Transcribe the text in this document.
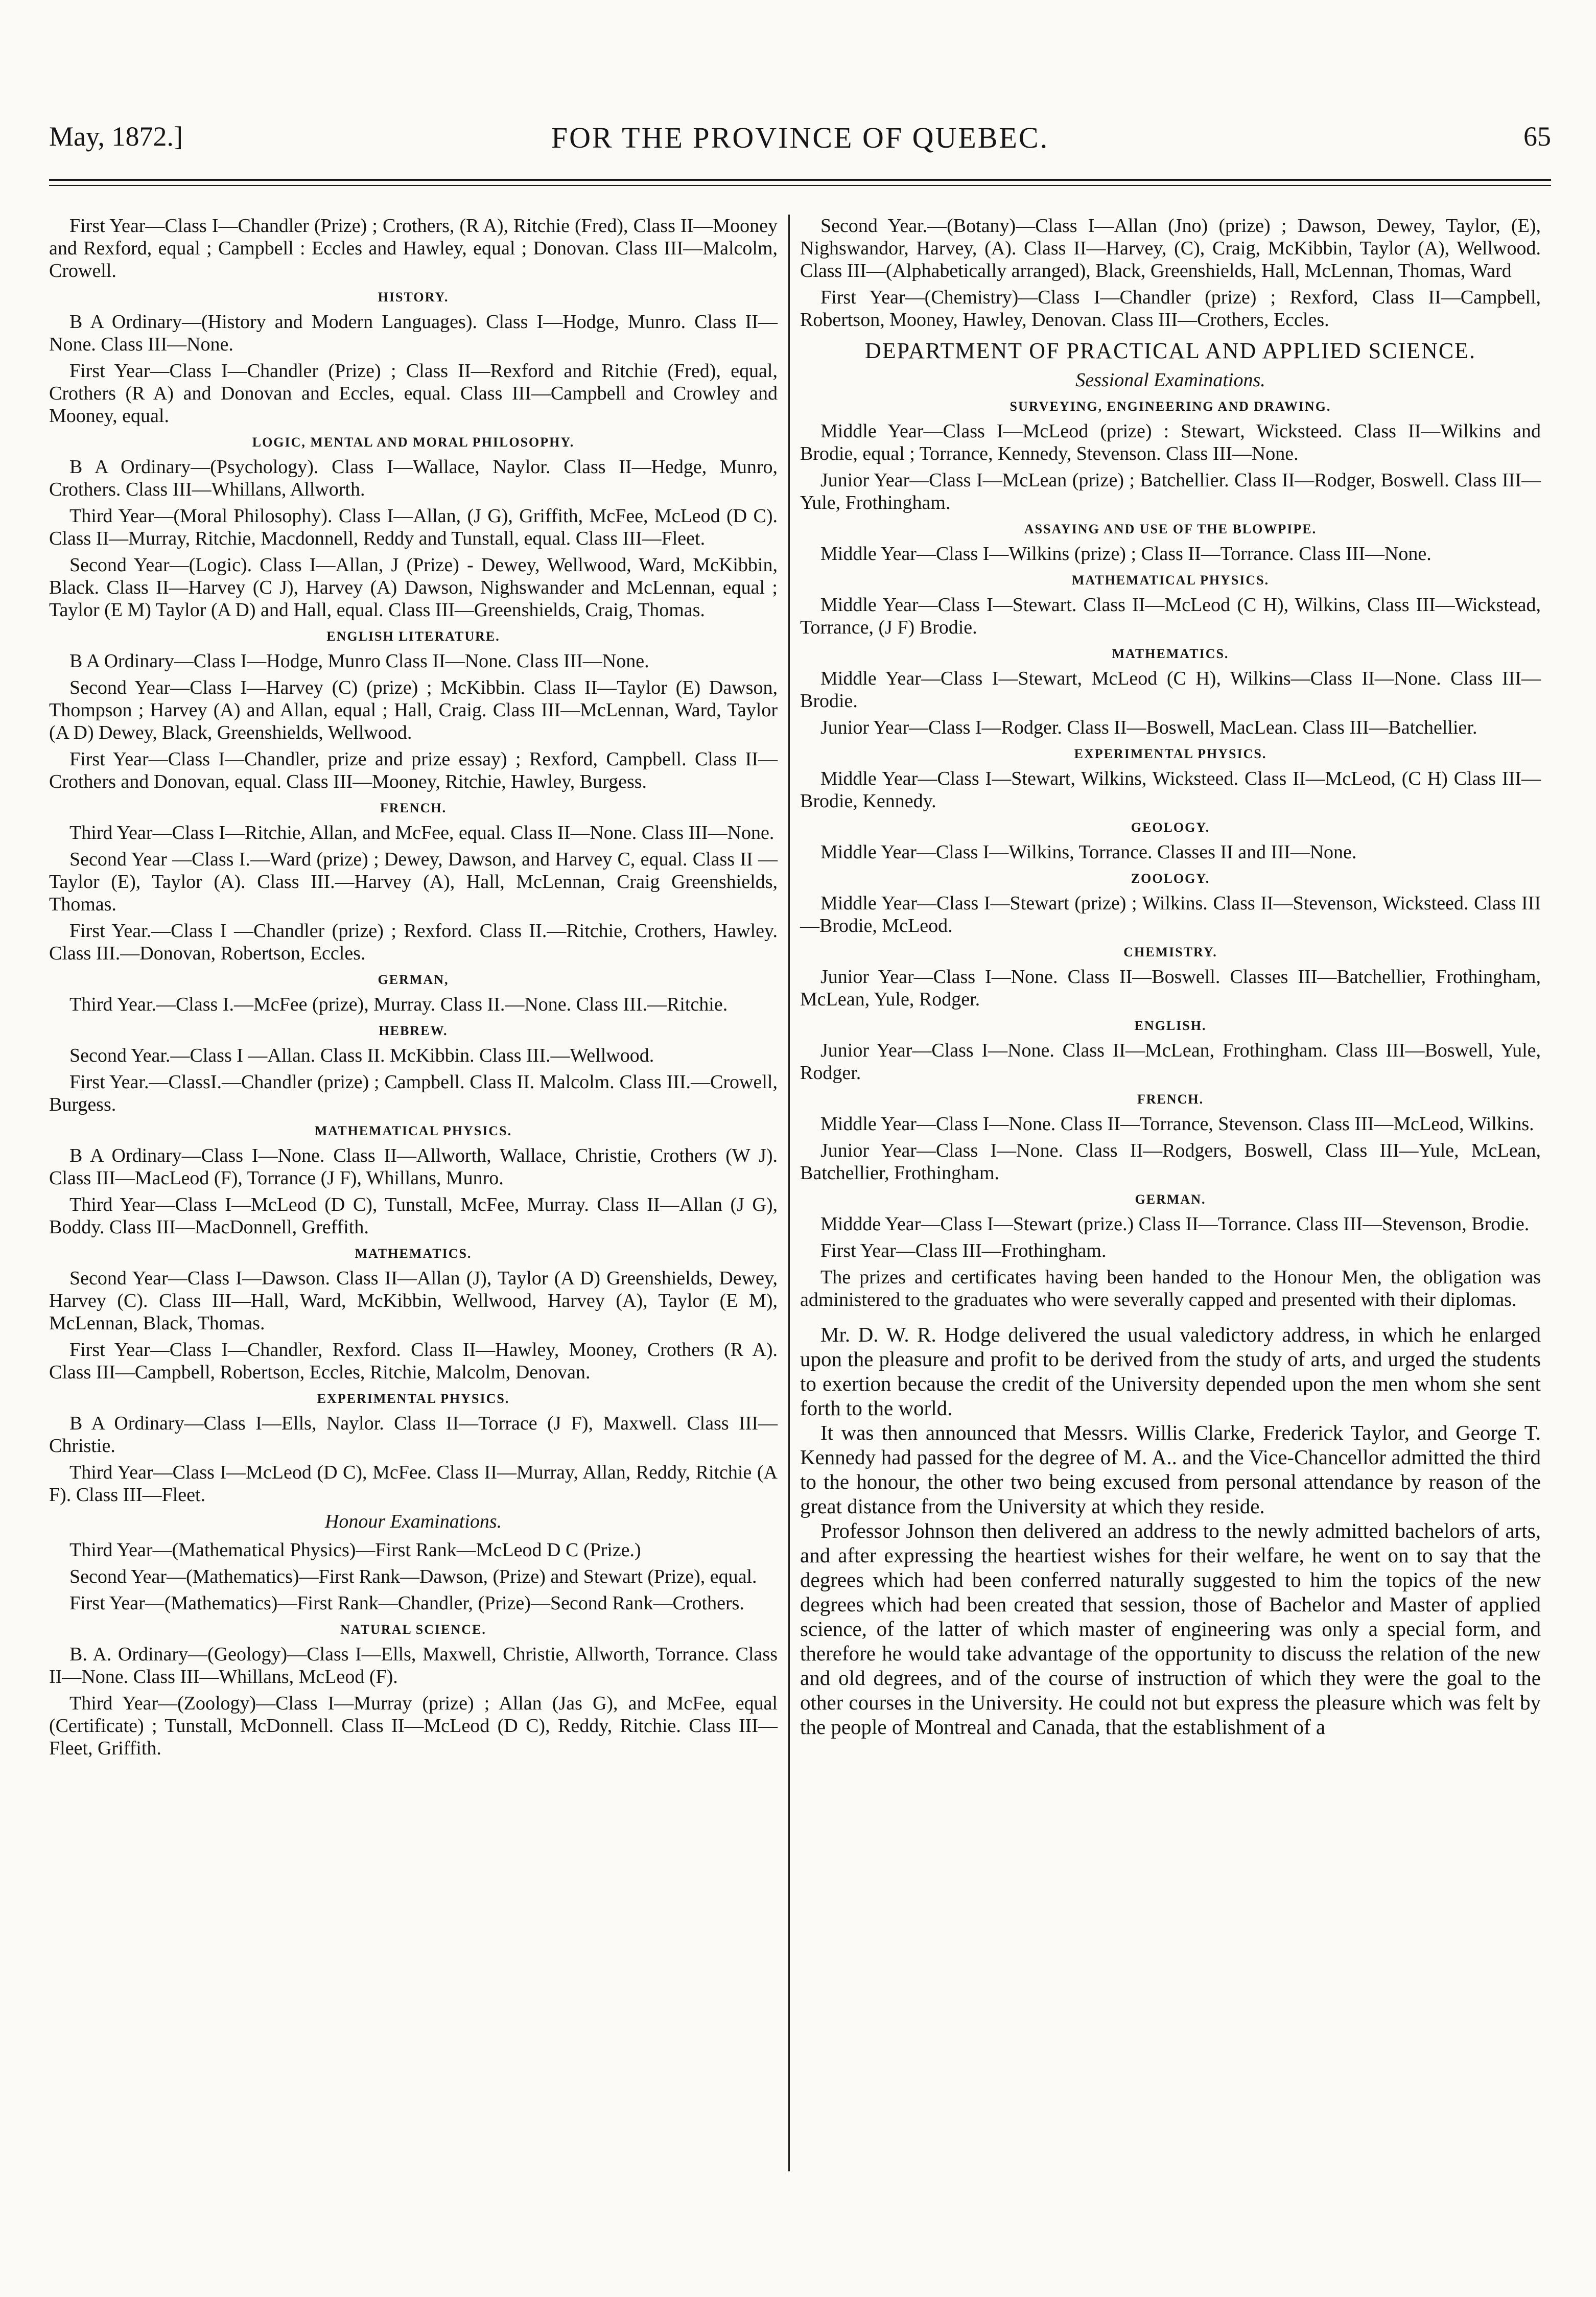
May, 1872.]	FOR THE PROVINCE OF QUEBEC.	65

First Year—Class I—Chandler (Prize) ; Crothers, (R A), Ritchie (Fred), Class II—Mooney and Rexford, equal ; Campbell : Eccles and Hawley, equal ; Donovan. Class III—Malcolm, Crowell.

HISTORY.

B A Ordinary—(History and Modern Languages). Class I—Hodge, Munro. Class II—None. Class III—None.

First Year—Class I—Chandler (Prize) ; Class II—Rexford and Ritchie (Fred), equal, Crothers (R A) and Donovan and Eccles, equal. Class III—Campbell and Crowley and Mooney, equal.

LOGIC, MENTAL AND MORAL PHILOSOPHY.

B A Ordinary—(Psychology). Class I—Wallace, Naylor. Class II—Hedge, Munro, Crothers. Class III—Whillans, Allworth.

Third Year—(Moral Philosophy). Class I—Allan, (J G), Griffith, McFee, McLeod (D C). Class II—Murray, Ritchie, Macdonnell, Reddy and Tunstall, equal. Class III—Fleet.

Second Year—(Logic). Class I—Allan, J (Prize) - Dewey, Wellwood, Ward, McKibbin, Black. Class II—Harvey (C J), Harvey (A) Dawson, Nighswander and McLennan, equal ; Taylor (E M) Taylor (A D) and Hall, equal. Class III—Greenshields, Craig, Thomas.

ENGLISH LITERATURE.

B A Ordinary—Class I—Hodge, Munro Class II—None. Class III—None.

Second Year—Class I—Harvey (C) (prize) ; McKibbin. Class II—Taylor (E) Dawson, Thompson ; Harvey (A) and Allan, equal ; Hall, Craig. Class III—McLennan, Ward, Taylor (A D) Dewey, Black, Greenshields, Wellwood.

First Year—Class I—Chandler, prize and prize essay) ; Rexford, Campbell. Class II—Crothers and Donovan, equal. Class III—Mooney, Ritchie, Hawley, Burgess.

FRENCH.

Third Year—Class I—Ritchie, Allan, and McFee, equal. Class II—None. Class III—None.

Second Year —Class I.—Ward (prize) ; Dewey, Dawson, and Harvey C, equal. Class II —Taylor (E), Taylor (A). Class III.—Harvey (A), Hall, McLennan, Craig Greenshields, Thomas.

First Year.—Class I —Chandler (prize) ; Rexford. Class II.—Ritchie, Crothers, Hawley. Class III.—Donovan, Robertson, Eccles.

GERMAN,

Third Year.—Class I.—McFee (prize), Murray. Class II.—None. Class III.—Ritchie.

HEBREW.

Second Year.—Class I —Allan. Class II. McKibbin. Class III.—Wellwood.

First Year.—ClassI.—Chandler (prize) ; Campbell. Class II. Malcolm. Class III.—Crowell, Burgess.

MATHEMATICAL PHYSICS.

B A Ordinary—Class I—None. Class II—Allworth, Wallace, Christie, Crothers (W J). Class III—MacLeod (F), Torrance (J F), Whillans, Munro.

Third Year—Class I—McLeod (D C), Tunstall, McFee, Murray. Class II—Allan (J G), Boddy. Class III—MacDonnell, Greffith.

MATHEMATICS.

Second Year—Class I—Dawson. Class II—Allan (J), Taylor (A D) Greenshields, Dewey, Harvey (C). Class III—Hall, Ward, McKibbin, Wellwood, Harvey (A), Taylor (E M), McLennan, Black, Thomas.

First Year—Class I—Chandler, Rexford. Class II—Hawley, Mooney, Crothers (R A). Class III—Campbell, Robertson, Eccles, Ritchie, Malcolm, Denovan.

EXPERIMENTAL PHYSICS.

B A Ordinary—Class I—Ells, Naylor. Class II—Torrace (J F), Maxwell. Class III—Christie.

Third Year—Class I—McLeod (D C), McFee. Class II—Murray, Allan, Reddy, Ritchie (A F). Class III—Fleet.

Honour Examinations.

Third Year—(Mathematical Physics)—First Rank—McLeod D C (Prize.)

Second Year—(Mathematics)—First Rank—Dawson, (Prize) and Stewart (Prize), equal.

First Year—(Mathematics)—First Rank—Chandler, (Prize)—Second Rank—Crothers.

NATURAL SCIENCE.

B. A. Ordinary—(Geology)—Class I—Ells, Maxwell, Christie, Allworth, Torrance. Class II—None. Class III—Whillans, McLeod (F).

Third Year—(Zoology)—Class I—Murray (prize) ; Allan (Jas G), and McFee, equal (Certificate) ; Tunstall, McDonnell. Class II—McLeod (D C), Reddy, Ritchie. Class III—Fleet, Griffith.

Second Year.—(Botany)—Class I—Allan (Jno) (prize) ; Dawson, Dewey, Taylor, (E), Nighswandor, Harvey, (A). Class II—Harvey, (C), Craig, McKibbin, Taylor (A), Wellwood. Class III—(Alphabetically arranged), Black, Greenshields, Hall, McLennan, Thomas, Ward

First Year—(Chemistry)—Class I—Chandler (prize) ; Rexford, Class II—Campbell, Robertson, Mooney, Hawley, Denovan. Class III—Crothers, Eccles.

DEPARTMENT OF PRACTICAL AND APPLIED SCIENCE.
Sessional Examinations.
SURVEYING, ENGINEERING AND DRAWING.

Middle Year—Class I—McLeod (prize) : Stewart, Wicksteed. Class II—Wilkins and Brodie, equal ; Torrance, Kennedy, Stevenson. Class III—None.

Junior Year—Class I—McLean (prize) ; Batchellier. Class II—Rodger, Boswell. Class III—Yule, Frothingham.

ASSAYING AND USE OF THE BLOWPIPE.

Middle Year—Class I—Wilkins (prize) ; Class II—Torrance. Class III—None.

MATHEMATICAL PHYSICS.

Middle Year—Class I—Stewart. Class II—McLeod (C H), Wilkins, Class III—Wickstead, Torrance, (J F) Brodie.

MATHEMATICS.

Middle Year—Class I—Stewart, McLeod (C H), Wilkins—Class II—None. Class III—Brodie.

Junior Year—Class I—Rodger. Class II—Boswell, MacLean. Class III—Batchellier.

EXPERIMENTAL PHYSICS.

Middle Year—Class I—Stewart, Wilkins, Wicksteed. Class II—McLeod, (C H) Class III—Brodie, Kennedy.

GEOLOGY.

Middle Year—Class I—Wilkins, Torrance. Classes II and III—None.

ZOOLOGY.

Middle Year—Class I—Stewart (prize) ; Wilkins. Class II—Stevenson, Wicksteed. Class III—Brodie, McLeod.

CHEMISTRY.

Junior Year—Class I—None. Class II—Boswell. Classes III—Batchellier, Frothingham, McLean, Yule, Rodger.

ENGLISH.

Junior Year—Class I—None. Class II—McLean, Frothingham. Class III—Boswell, Yule, Rodger.

FRENCH.

Middle Year—Class I—None. Class II—Torrance, Stevenson. Class III—McLeod, Wilkins.

Junior Year—Class I—None. Class II—Rodgers, Boswell, Class III—Yule, McLean, Batchellier, Frothingham.

GERMAN.

Middde Year—Class I—Stewart (prize.) Class II—Torrance. Class III—Stevenson, Brodie.

First Year—Class III—Frothingham.

The prizes and certificates having been handed to the Honour Men, the obligation was administered to the graduates who were severally capped and presented with their diplomas.

Mr. D. W. R. Hodge delivered the usual valedictory address, in which he enlarged upon the pleasure and profit to be derived from the study of arts, and urged the students to exertion because the credit of the University depended upon the men whom she sent forth to the world.

It was then announced that Messrs. Willis Clarke, Frederick Taylor, and George T. Kennedy had passed for the degree of M. A.. and the Vice-Chancellor admitted the third to the honour, the other two being excused from personal attendance by reason of the great distance from the University at which they reside.

Professor Johnson then delivered an address to the newly admitted bachelors of arts, and after expressing the heartiest wishes for their welfare, he went on to say that the degrees which had been conferred naturally suggested to him the topics of the new degrees which had been created that session, those of Bachelor and Master of applied science, of the latter of which master of engineering was only a special form, and therefore he would take advantage of the opportunity to discuss the relation of the new and old degrees, and of the course of instruction of which they were the goal to the other courses in the University. He could not but express the pleasure which was felt by the people of Montreal and Canada, that the establishment of a
